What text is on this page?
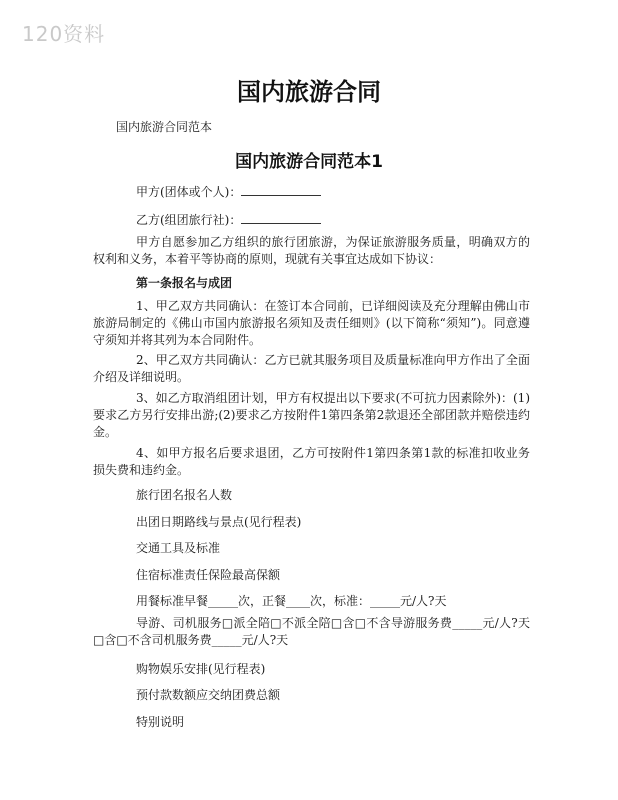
120资料
国内旅游合同
国内旅游合同范本
国内旅游合同范本1
甲方(团体或个人)：
乙方(组团旅行社)：

甲方自愿参加乙方组织的旅行团旅游，为保证旅游服务质量，明确双方的权利和义务，本着平等协商的原则，现就有关事宜达成如下协议：

第一条报名与成团

1、甲乙双方共同确认：在签订本合同前，已详细阅读及充分理解由佛山市旅游局制定的《佛山市国内旅游报名须知及责任细则》(以下简称“须知”)。同意遵守须知并将其列为本合同附件。

2、甲乙双方共同确认：乙方已就其服务项目及质量标准向甲方作出了全面介绍及详细说明。

3、如乙方取消组团计划，甲方有权提出以下要求(不可抗力因素除外)：(1)要求乙方另行安排出游;(2)要求乙方按附件1第四条第2款退还全部团款并赔偿违约金。

4、如甲方报名后要求退团，乙方可按附件1第四条第1款的标准扣收业务损失费和违约金。

旅行团名报名人数
出团日期路线与景点(见行程表)
交通工具及标准
住宿标准责任保险最高保额
用餐标准早餐_____次，正餐____次，标准：_____元/人?天

导游、司机服务□派全陪□不派全陪□含□不含导游服务费_____元/人?天□含□不含司机服务费_____元/人?天

购物娱乐安排(见行程表)
预付款数额应交纳团费总额
特别说明
